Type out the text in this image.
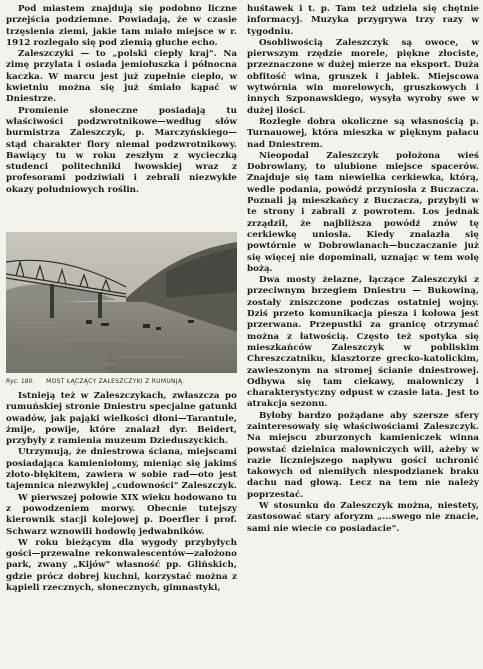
Pod miastem znajdują się podobno liczne przejścia podziemne. Powiadają, że w czasie trzęsienia ziemi, jakie tam miało miejsce w r. 1912 rozlegało się pod ziemią głuche echo.

Zaleszczyki — to „polski ciepły kraj". Na zimę przylata i osiada jemiołuszka i północna kaczka. W marcu jest już zupełnie ciepło, w kwietniu można się już śmiało kąpać w Dniestrze.

Promienie słoneczne posiadają tu właściwości podzwrotnikowe—według słów burmistrza Zaleszczyk, p. Marczyńskiego—stąd charakter flory niemal podzwrotnikowy. Bawiący tu w roku zeszłym z wycieczką studenci politechniki lwowskiej wraz z profesorami podziwiali i zebrali niezwykłe okazy południowych roślin.

Ryc. 180. MOST ŁĄCZĄCY ZALESZCZYKI Z RUMUNJĄ.

Istnieją też w Zaleszczykach, zwłaszcza po rumuńskiej stronie Dniestru specjalne gatunki owadów, jak pająki wielkości dłoni—Tarantule, żmije, powije, które znalazł dyr. Beidert, przybyły z ramienia muzeum Dzieduszyckich.

Utrzymują, że dniestrowa ściana, miejscami posiadająca kamieniołomy, mieniąc się jakimś złoto-błękitem, zawiera w sobie rad—oto jest tajemnica niezwykłej „cudowności" Zaleszczyk.

W pierwszej połowie XIX wieku hodowano tu z powodzeniem morwy. Obecnie tutejszy kierownik stacji kolejowej p. Doerfler i prof. Schwarz wznowili hodowlę jedwabników.

W roku bieżącym dla wygody przybyłych gości—przewalne rekonwalescentów—założono park, zwany „Kijów" własność pp. Glińskich, gdzie prócz dobrej kuchni, korzystać można z kąpieli rzecznych, słonecznych, gimnastyki,

huśtawek i t. p. Tam też udziela się chętnie informacyj. Muzyka przygrywa trzy razy w tygodniu.

Osobliwością Zaleszczyk są owoce, w pierwszym rzędzie morele, piękne złociste, przeznaczone w dużej mierze na eksport. Duża obfitość wina, gruszek i jabłek. Miejscowa wytwórnia win morelowych, gruszkowych i innych Szponawskiego, wysyła wyroby swe w dużej ilości.

Rozległe dobra okoliczne są własnością p. Turnauowej, która mieszka w pięknym pałacu nad Dniestrem.

Nieopodal Zaleszczyk położona wieś Dobrowlany, to ulubione miejsce spacerów. Znajduje się tam niewielka cerkiewka, którą, wedle podania, powódź przyniosła z Buczacza. Poznali ją mieszkańcy z Buczacza, przybyli w te strony i zabrali z powrotem. Los jednak zrządził, że najbliższa powódź znów tę cerkiewkę uniosła. Kiedy znalazła się powtórnie w Dobrowlanach—buczaczanie już się więcej nie dopominali, uznając w tem wolę bożą.

Dwa mosty żelazne, łączące Zaleszczyki z przeciwnym brzegiem Dniestru — Bukowiną, zostały zniszczone podczas ostatniej wojny. Dziś przeto komunikacja piesza i kołowa jest przerwana. Przepustki za granicę otrzymać można z łatwością. Często też spotyka się mieszkańców Zaleszczyk w pobliskim Chreszczatniku, klasztorze grecko-katolickim, zawieszonym na stromej ścianie dniestrowej. Odbywa się tam ciekawy, malowniczy i charakterystyczny odpust w czasie lata. Jest to atrakcja sezonu.

Byłoby bardzo pożądane aby szersze sfery zainteresowały się właściwościami Zaleszczyk. Na miejscu zburzonych kamieniczek winna powstać dzielnica malowniczych will, ażeby w razie liczniejszego napływu gości uchronić takowych od niemiłych niespodzianek braku dachu nad głową. Lecz na tem nie należy poprzestać.

W stosunku do Zaleszczyk można, niestety, zastosować stary aforyzm „...swego nie znacie, sami nie wiecie co posiadacie".
